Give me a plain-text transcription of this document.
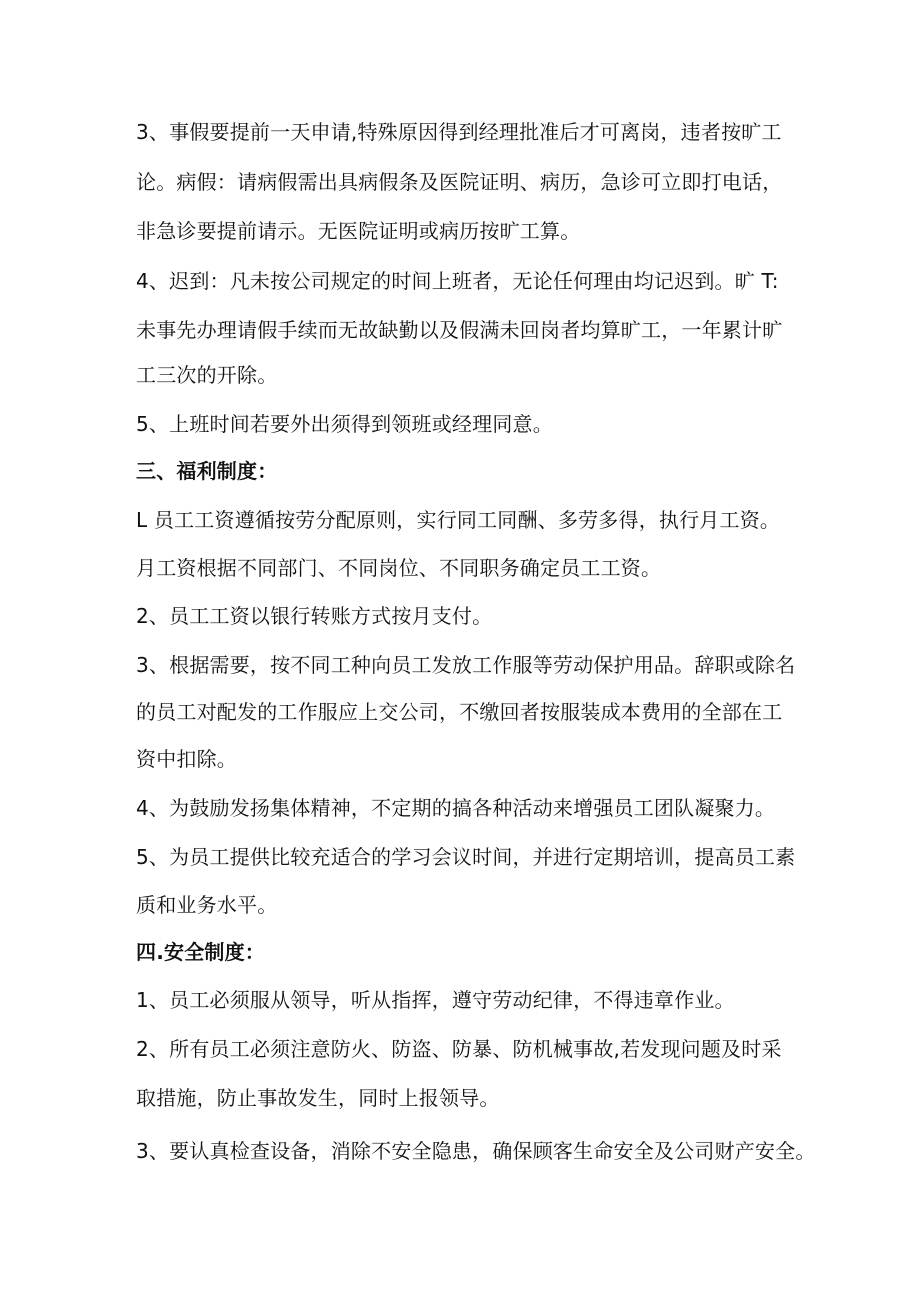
3、事假要提前一天申请,特殊原因得到经理批准后才可离岗，违者按旷工
论。病假：请病假需出具病假条及医院证明、病历，急诊可立即打电话，
非急诊要提前请示。无医院证明或病历按旷工算。
4、迟到：凡未按公司规定的时间上班者，无论任何理由均记迟到。旷 T:
未事先办理请假手续而无故缺勤以及假满未回岗者均算旷工，一年累计旷
工三次的开除。
5、上班时间若要外出须得到领班或经理同意。
三、福利制度：
L 员工工资遵循按劳分配原则，实行同工同酬、多劳多得，执行月工资。
月工资根据不同部门、不同岗位、不同职务确定员工工资。
2、员工工资以银行转账方式按月支付。
3、根据需要，按不同工种向员工发放工作服等劳动保护用品。辞职或除名
的员工对配发的工作服应上交公司，不缴回者按服装成本费用的全部在工
资中扣除。
4、为鼓励发扬集体精神，不定期的搞各种活动来增强员工团队凝聚力。
5、为员工提供比较充适合的学习会议时间，并进行定期培训，提高员工素
质和业务水平。
四.安全制度：
1、员工必须服从领导，听从指挥，遵守劳动纪律，不得违章作业。
2、所有员工必须注意防火、防盗、防暴、防机械事故,若发现问题及时采
取措施，防止事故发生，同时上报领导。
3、要认真检查设备，消除不安全隐患，确保顾客生命安全及公司财产安全。
